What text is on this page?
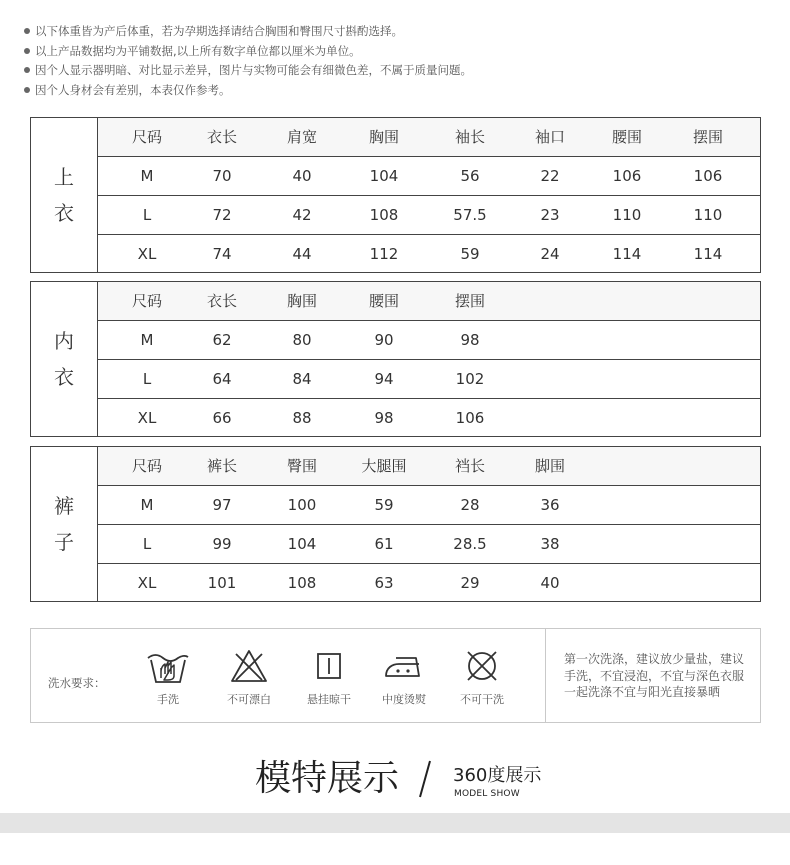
以下体重皆为产后体重，若为孕期选择请结合胸围和臀围尺寸斟酌选择。
以上产品数据均为平铺数据,以上所有数字单位都以厘米为单位。
因个人显示器明暗、对比显示差异，图片与实物可能会有细微色差，不属于质量问题。
因个人身材会有差别，本表仅作参考。
上
衣
尺码	衣长	肩宽	胸围	袖长	袖口	腰围	摆围
M	70	40	104	56	22	106	106
L	72	42	108	57.5	23	110	110
XL	74	44	112	59	24	114	114
内
衣
尺码	衣长	胸围	腰围	摆围
M	62	80	90	98
L	64	84	94	102
XL	66	88	98	106
裤
子
尺码	裤长	臀围	大腿围	裆长	脚围
M	97	100	59	28	36
L	99	104	61	28.5	38
XL	101	108	63	29	40
洗水要求：
手洗	不可漂白	悬挂晾干	中度烫熨	不可干洗
第一次洗涤，建议放少量盐，建议手洗，不宜浸泡，不宜与深色衣服一起洗涤不宜与阳光直接暴晒
模特展示	360度展示
MODEL SHOW
